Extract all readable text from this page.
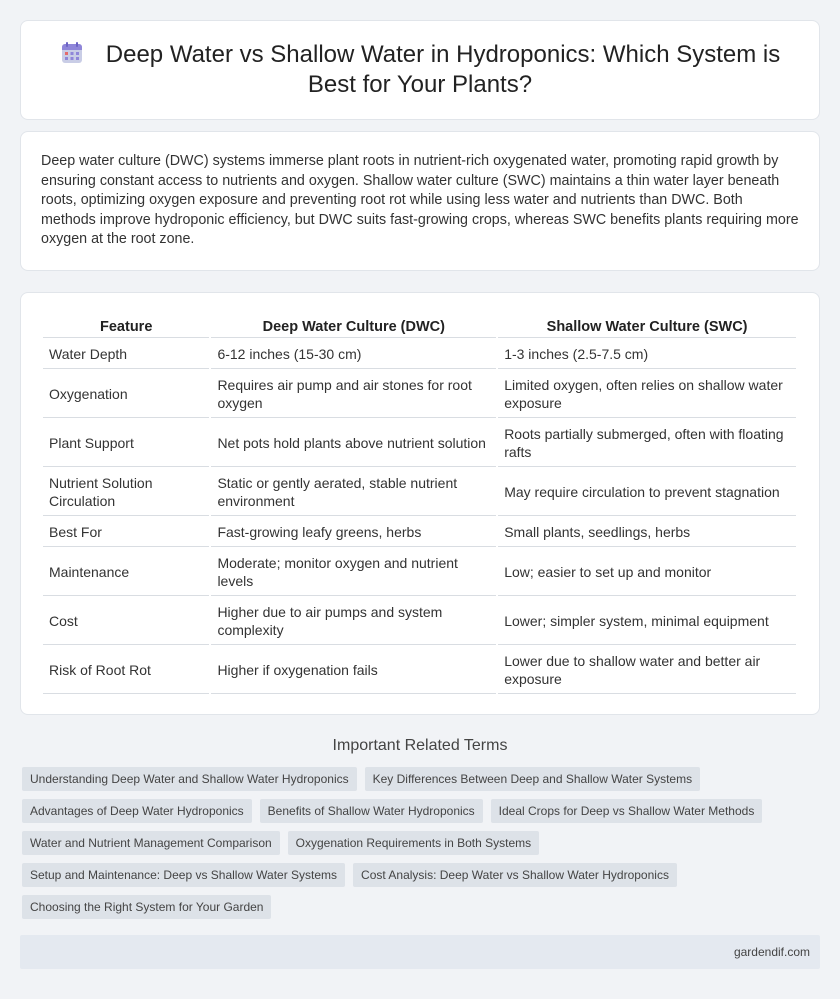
Deep Water vs Shallow Water in Hydroponics: Which System is Best for Your Plants?

Deep water culture (DWC) systems immerse plant roots in nutrient-rich oxygenated water, promoting rapid growth by ensuring constant access to nutrients and oxygen. Shallow water culture (SWC) maintains a thin water layer beneath roots, optimizing oxygen exposure and preventing root rot while using less water and nutrients than DWC. Both methods improve hydroponic efficiency, but DWC suits fast-growing crops, whereas SWC benefits plants requiring more oxygen at the root zone.

Feature	Deep Water Culture (DWC)	Shallow Water Culture (SWC)
Water Depth	6-12 inches (15-30 cm)	1-3 inches (2.5-7.5 cm)
Oxygenation	Requires air pump and air stones for root oxygen	Limited oxygen, often relies on shallow water exposure
Plant Support	Net pots hold plants above nutrient solution	Roots partially submerged, often with floating rafts
Nutrient Solution Circulation	Static or gently aerated, stable nutrient environment	May require circulation to prevent stagnation
Best For	Fast-growing leafy greens, herbs	Small plants, seedlings, herbs
Maintenance	Moderate; monitor oxygen and nutrient levels	Low; easier to set up and monitor
Cost	Higher due to air pumps and system complexity	Lower; simpler system, minimal equipment
Risk of Root Rot	Higher if oxygenation fails	Lower due to shallow water and better air exposure
Important Related Terms
Understanding Deep Water and Shallow Water Hydroponics	Key Differences Between Deep and Shallow Water Systems
Advantages of Deep Water Hydroponics	Benefits of Shallow Water Hydroponics	Ideal Crops for Deep vs Shallow Water Methods
Water and Nutrient Management Comparison	Oxygenation Requirements in Both Systems
Setup and Maintenance: Deep vs Shallow Water Systems	Cost Analysis: Deep Water vs Shallow Water Hydroponics
Choosing the Right System for Your Garden
gardendif.com
